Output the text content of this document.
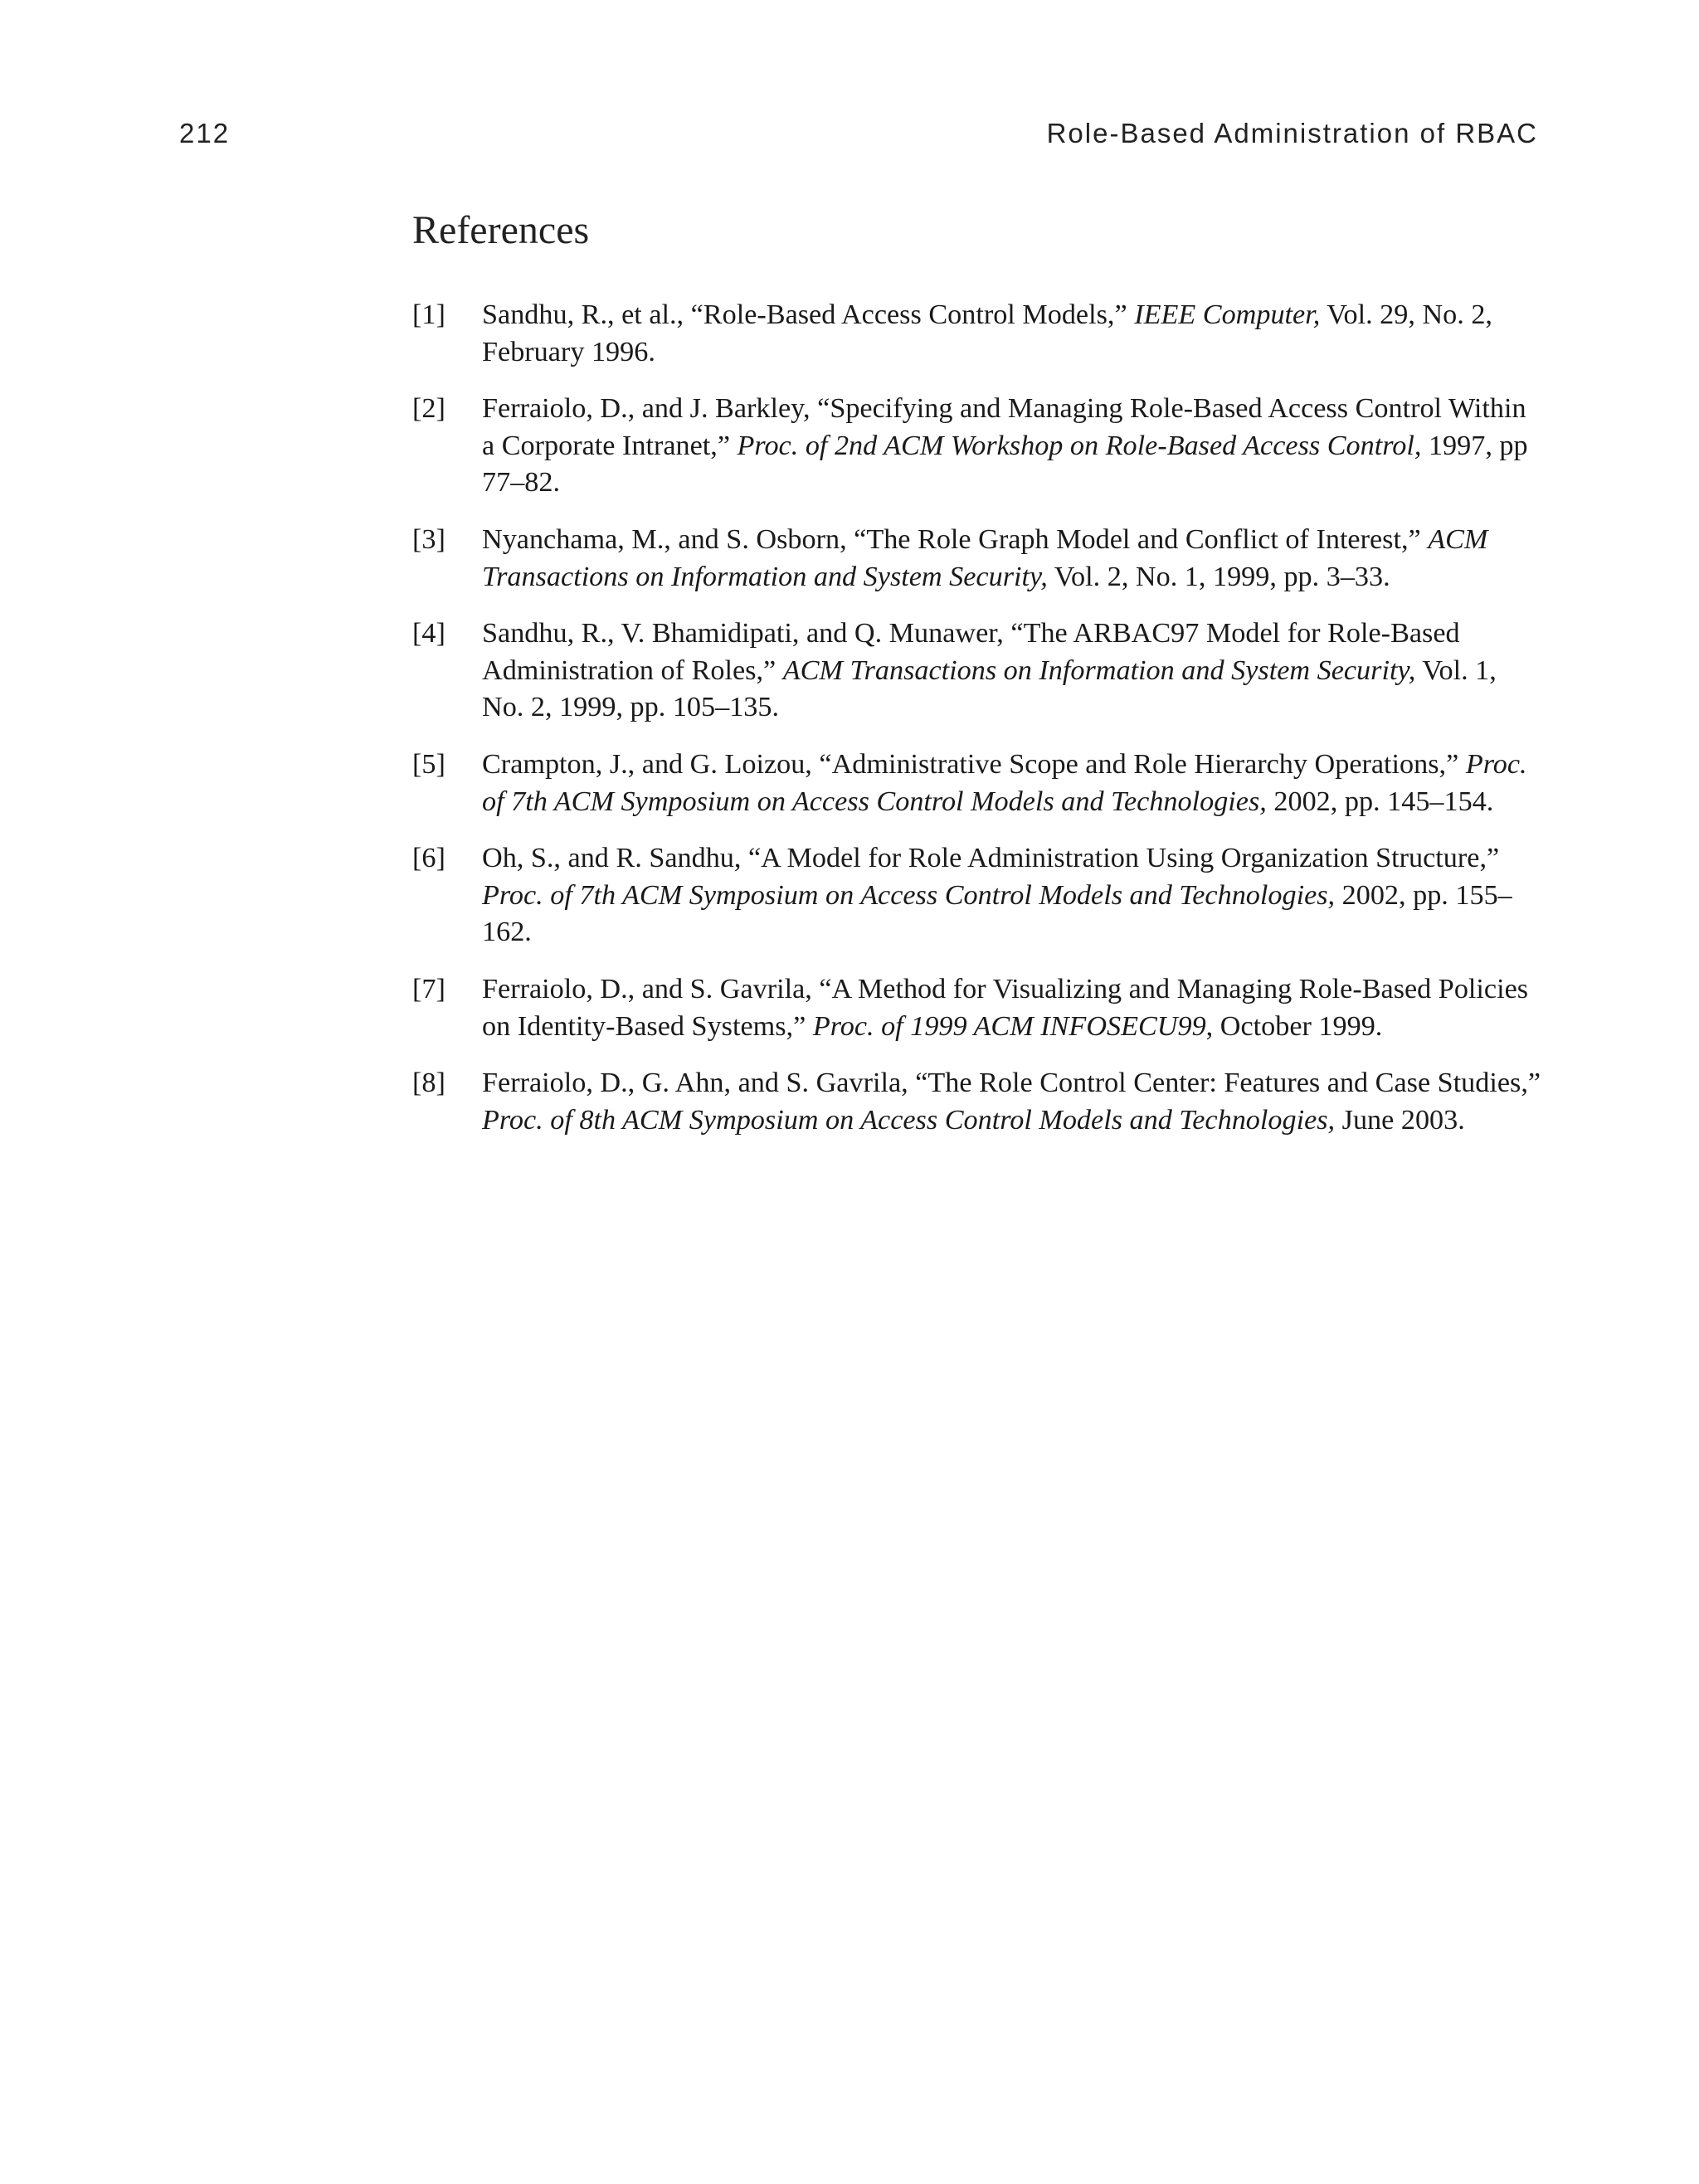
212	Role-Based Administration of RBAC
References
[1] Sandhu, R., et al., “Role-Based Access Control Models,” IEEE Computer, Vol. 29, No. 2, February 1996.
[2] Ferraiolo, D., and J. Barkley, “Specifying and Managing Role-Based Access Control Within a Corporate Intranet,” Proc. of 2nd ACM Workshop on Role-Based Access Control, 1997, pp 77–82.
[3] Nyanchama, M., and S. Osborn, “The Role Graph Model and Conflict of Interest,” ACM Transactions on Information and System Security, Vol. 2, No. 1, 1999, pp. 3–33.
[4] Sandhu, R., V. Bhamidipati, and Q. Munawer, “The ARBAC97 Model for Role-Based Administration of Roles,” ACM Transactions on Information and System Security, Vol. 1, No. 2, 1999, pp. 105–135.
[5] Crampton, J., and G. Loizou, “Administrative Scope and Role Hierarchy Operations,” Proc. of 7th ACM Symposium on Access Control Models and Technologies, 2002, pp. 145–154.
[6] Oh, S., and R. Sandhu, “A Model for Role Administration Using Organization Structure,” Proc. of 7th ACM Symposium on Access Control Models and Technologies, 2002, pp. 155–162.
[7] Ferraiolo, D., and S. Gavrila, “A Method for Visualizing and Managing Role-Based Policies on Identity-Based Systems,” Proc. of 1999 ACM INFOSECU99, October 1999.
[8] Ferraiolo, D., G. Ahn, and S. Gavrila, “The Role Control Center: Features and Case Studies,” Proc. of 8th ACM Symposium on Access Control Models and Technologies, June 2003.
